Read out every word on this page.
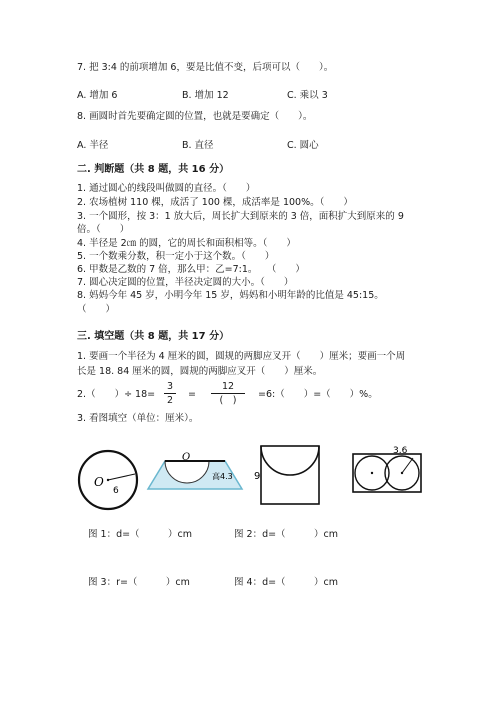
7. 把 3:4 的前项增加 6，要是比值不变，后项可以（　　）。
A. 增加 6	B. 增加 12	C. 乘以 3
8. 画圆时首先要确定圆的位置，也就是要确定（　　）。
A. 半径	B. 直径	C. 圆心
二. 判断题（共 8 题，共 16 分）
1. 通过圆心的线段叫做圆的直径。（　　）
2. 农场植树 110 棵，成活了 100 棵，成活率是 100%。（　　）
3. 一个圆形，按 3：1 放大后，周长扩大到原来的 3 倍，面积扩大到原来的 9
倍。（　　）
4. 半径是 2㎝ 的圆，它的周长和面积相等。（　　）
5. 一个数乘分数，积一定小于这个数。（　　）
6. 甲数是乙数的 7 倍，那么甲：乙=7:1。　　（　　）
7. 圆心决定圆的位置，半径决定圆的大小。（　　）
8. 妈妈今年 45 岁，小明今年 15 岁，妈妈和小明年龄的比值是 45:15。
（　　）
三. 填空题（共 8 题，共 17 分）
1. 要画一个半径为 4 厘米的圆，圆规的两脚应叉开（　　）厘米；要画一个周
长是 18. 84 厘米的圆，圆规的两脚应叉开（　　）厘米。
2.（　　）÷ 18=
3
2
=
12
(　)
=6:（　　）=（　　）%。
3. 看图填空（单位：厘米）。
O
6
O
高4.3 9
3.6
图 1：d=（　　　）cm	图 2：d=（　　　）cm
图 3：r=（　　　）cm	图 4：d=（　　　）cm
